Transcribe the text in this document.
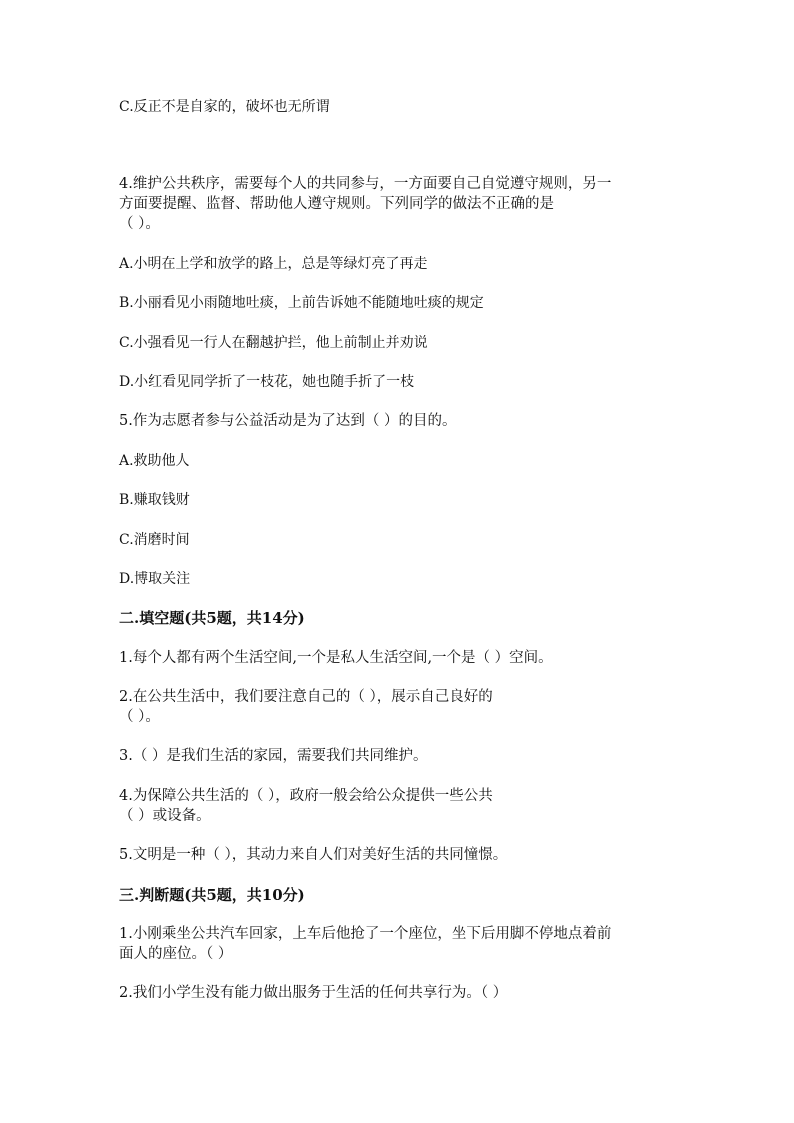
C.反正不是自家的，破坏也无所谓
4.维护公共秩序，需要每个人的共同参与，一方面要自己自觉遵守规则，另一
方面要提醒、监督、帮助他人遵守规则。下列同学的做法不正确的是
（ ）。
A.小明在上学和放学的路上，总是等绿灯亮了再走
B.小丽看见小雨随地吐痰，上前告诉她不能随地吐痰的规定
C.小强看见一行人在翻越护拦，他上前制止并劝说
D.小红看见同学折了一枝花，她也随手折了一枝
5.作为志愿者参与公益活动是为了达到（ ）的目的。
A.救助他人
B.赚取钱财
C.消磨时间
D.博取关注
二.填空题(共5题，共14分)
1.每个人都有两个生活空间,一个是私人生活空间,一个是（ ）空间。
2.在公共生活中，我们要注意自己的（ ），展示自己良好的
（ ）。
3.（ ）是我们生活的家园，需要我们共同维护。
4.为保障公共生活的（ ），政府一般会给公众提供一些公共
（ ）或设备。
5.文明是一种（ ），其动力来自人们对美好生活的共同憧憬。
三.判断题(共5题，共10分)
1.小刚乘坐公共汽车回家，上车后他抢了一个座位，坐下后用脚不停地点着前
面人的座位。（ ）
2.我们小学生没有能力做出服务于生活的任何共享行为。（ ）
